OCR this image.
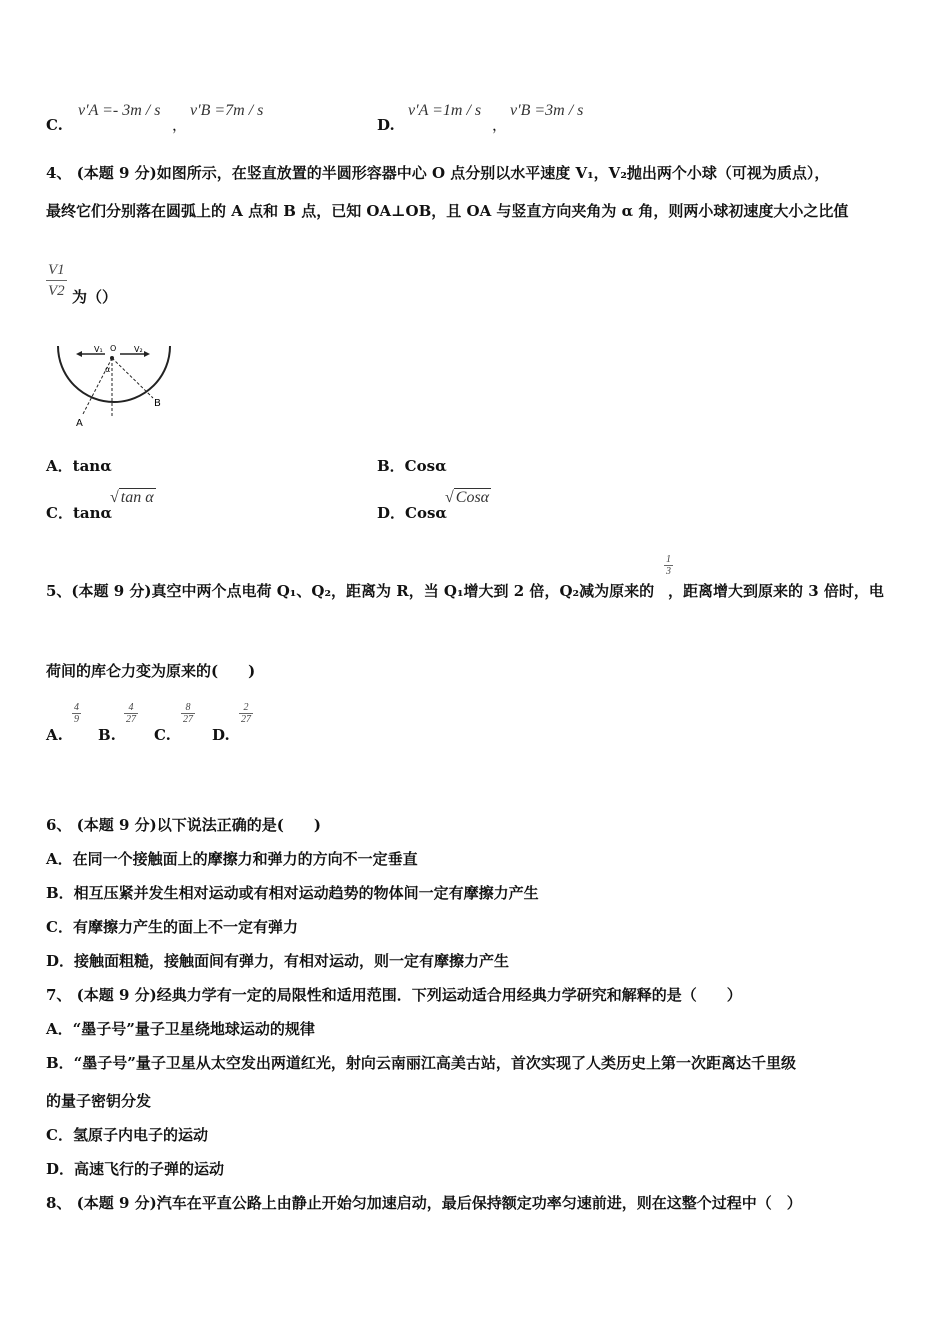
C.
v′A =- 3m / s
，
v′B =7m / s
D.
v′A =1m / s
，
v′B =3m / s
4、 (本题 9 分)如图所示，在竖直放置的半圆形容器中心 O 点分别以水平速度 V₁，V₂抛出两个小球（可视为质点），
最终它们分别落在圆弧上的 A 点和 B 点，已知 OA⊥OB，且 OA 与竖直方向夹角为 α 角，则两小球初速度大小之比值
$\frac{V1}{V2}$ 为（）
V₁ O V₂
α
A
B
A．tanα	B．Cosα
C．tanα
√ tan α
D．Cosα
√ Cosα
5、(本题 9 分)真空中两个点电荷 Q₁、Q₂，距离为 R，当 Q₁增大到 2 倍，Q₂减为原来的
$\frac{1}{3}$
，距离增大到原来的 3 倍时，电
荷间的库仑力变为原来的(　　)
A.
$\frac{4}{9}$
B.
$\frac{4}{27}$
C.
$\frac{8}{27}$
D.
$\frac{2}{27}$
6、 (本题 9 分)以下说法正确的是(　　)
A．在同一个接触面上的摩擦力和弹力的方向不一定垂直
B．相互压紧并发生相对运动或有相对运动趋势的物体间一定有摩擦力产生
C．有摩擦力产生的面上不一定有弹力
D．接触面粗糙，接触面间有弹力，有相对运动，则一定有摩擦力产生
7、 (本题 9 分)经典力学有一定的局限性和适用范围．下列运动适合用经典力学研究和解释的是（　　）
A．“墨子号”量子卫星绕地球运动的规律
B．“墨子号”量子卫星从太空发出两道红光，射向云南丽江高美古站，首次实现了人类历史上第一次距离达千里级
的量子密钥分发
C．氢原子内电子的运动
D．高速飞行的子弹的运动
8、 (本题 9 分)汽车在平直公路上由静止开始匀加速启动，最后保持额定功率匀速前进，则在这整个过程中（　）
